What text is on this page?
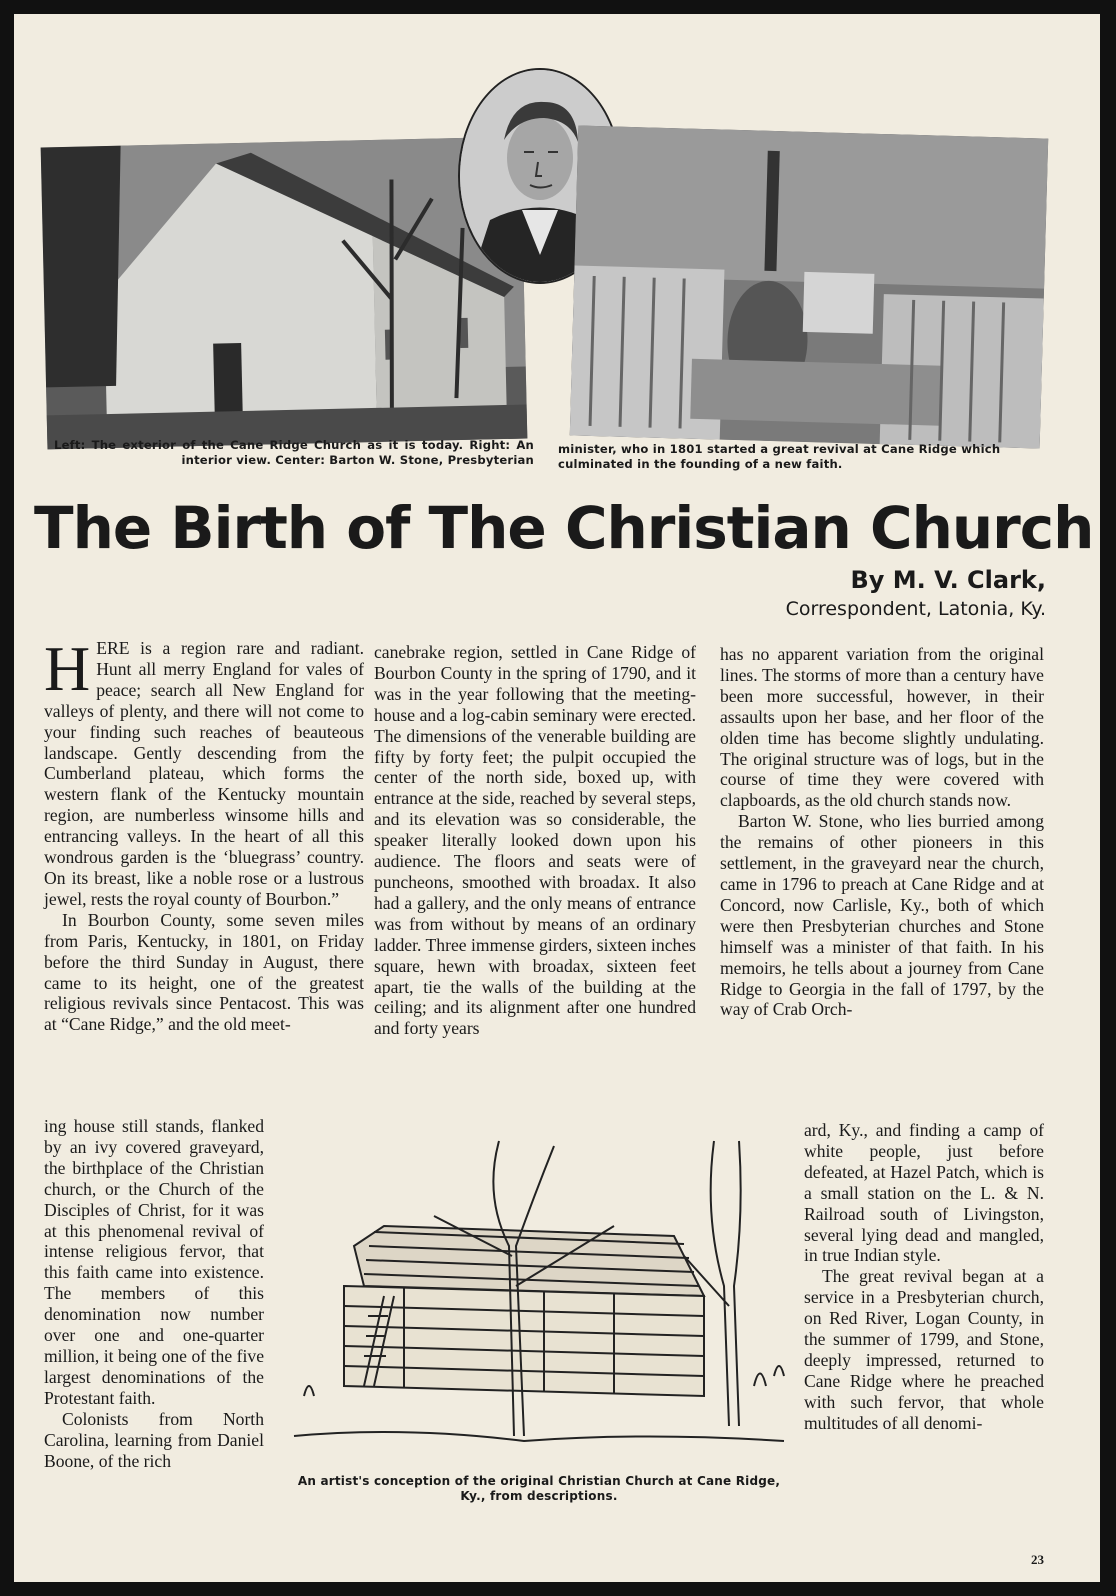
Left: The exterior of the Cane Ridge Church as it is today. Right: An interior view. Center: Barton W. Stone, Presbyterian
minister, who in 1801 started a great revival at Cane Ridge which culminated in the founding of a new faith.
The Birth of The Christian Church
By M. V. Clark,
Correspondent, Latonia, Ky.

HERE is a region rare and radiant. Hunt all merry England for vales of peace; search all New England for valleys of plenty, and there will not come to your finding such reaches of beauteous landscape. Gently descending from the Cumberland plateau, which forms the western flank of the Kentucky mountain region, are numberless winsome hills and entrancing valleys. In the heart of all this wondrous garden is the ‘bluegrass’ country. On its breast, like a noble rose or a lustrous jewel, rests the royal county of Bourbon.”

In Bourbon County, some seven miles from Paris, Kentucky, in 1801, on Friday before the third Sunday in August, there came to its height, one of the greatest religious revivals since Pentacost. This was at “Cane Ridge,” and the old meet-

ing house still stands, flanked by an ivy covered graveyard, the birthplace of the Christian church, or the Church of the Disciples of Christ, for it was at this phenomenal revival of intense religious fervor, that this faith came into existence. The members of this denomination now number over one and one-quarter million, it being one of the five largest denominations of the Protestant faith.

Colonists from North Carolina, learning from Daniel Boone, of the rich

canebrake region, settled in Cane Ridge of Bourbon County in the spring of 1790, and it was in the year following that the meeting-house and a log-cabin seminary were erected. The dimensions of the venerable building are fifty by forty feet; the pulpit occupied the center of the north side, boxed up, with entrance at the side, reached by several steps, and its elevation was so considerable, the speaker literally looked down upon his audience. The floors and seats were of puncheons, smoothed with broadax. It also had a gallery, and the only means of entrance was from without by means of an ordinary ladder. Three immense girders, sixteen inches square, hewn with broadax, sixteen feet apart, tie the walls of the building at the ceiling; and its alignment after one hundred and forty years

has no apparent variation from the original lines. The storms of more than a century have been more successful, however, in their assaults upon her base, and her floor of the olden time has become slightly undulating. The original structure was of logs, but in the course of time they were covered with clapboards, as the old church stands now.

Barton W. Stone, who lies burried among the remains of other pioneers in this settlement, in the graveyard near the church, came in 1796 to preach at Cane Ridge and at Concord, now Carlisle, Ky., both of which were then Presbyterian churches and Stone himself was a minister of that faith. In his memoirs, he tells about a journey from Cane Ridge to Georgia in the fall of 1797, by the way of Crab Orch-

ard, Ky., and finding a camp of white people, just before defeated, at Hazel Patch, which is a small station on the L. & N. Railroad south of Livingston, several lying dead and mangled, in true Indian style.

The great revival began at a service in a Presbyterian church, on Red River, Logan County, in the summer of 1799, and Stone, deeply impressed, returned to Cane Ridge where he preached with such fervor, that whole multitudes of all denomi-

An artist's conception of the original Christian Church at Cane Ridge, Ky., from descriptions.
23
